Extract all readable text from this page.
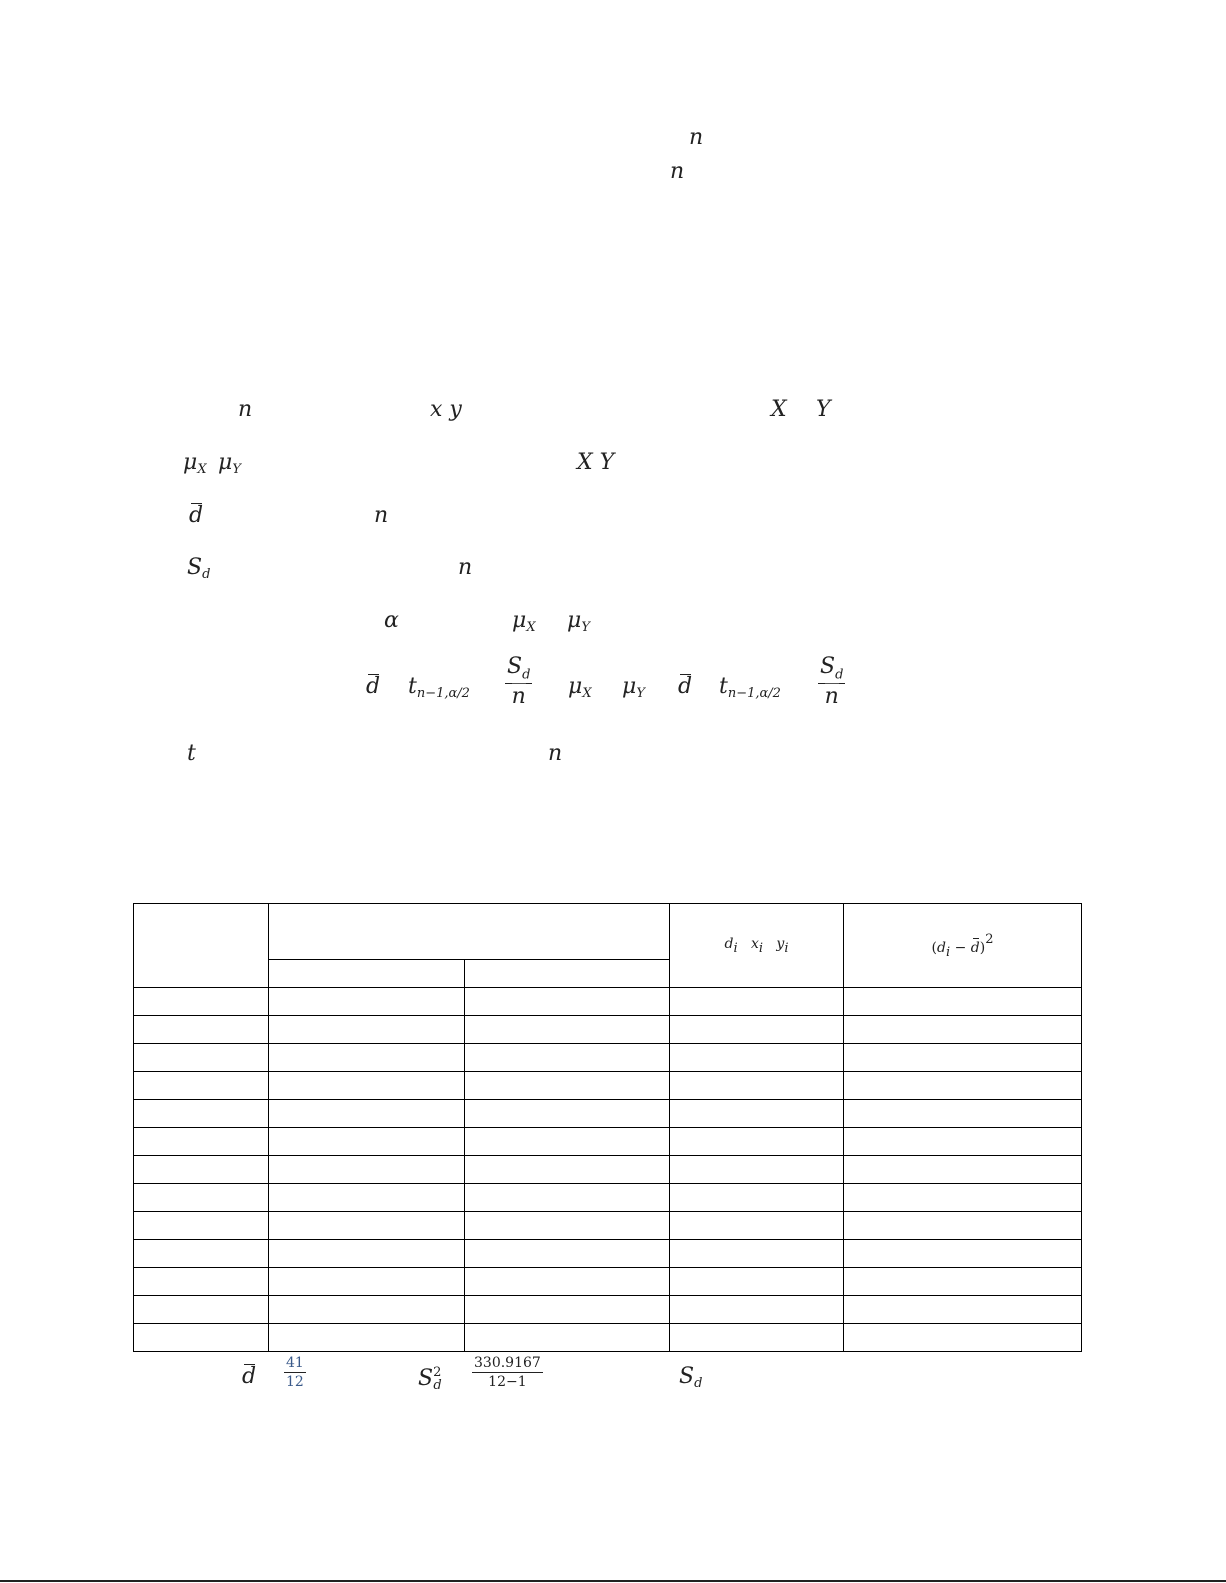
n
n
n	x y	X Y
$\mu_X$ $\mu_Y$	X Y
d	n
$S_d$	n
α	$\mu_X$ $\mu_Y$
d $t_{n-1,\alpha/2} \frac{S_d}{n} \mu_X$ $\mu_Y$ d $t_{n-1,\alpha/2} \frac{S_d}{n}$
t	n
			$d_i$ $x_i$ $y_i$	$(d_i - d)^2$

d $\frac{41}{12}$	$S^2_d \frac{330.9167}{12-1}$	$S_d$
